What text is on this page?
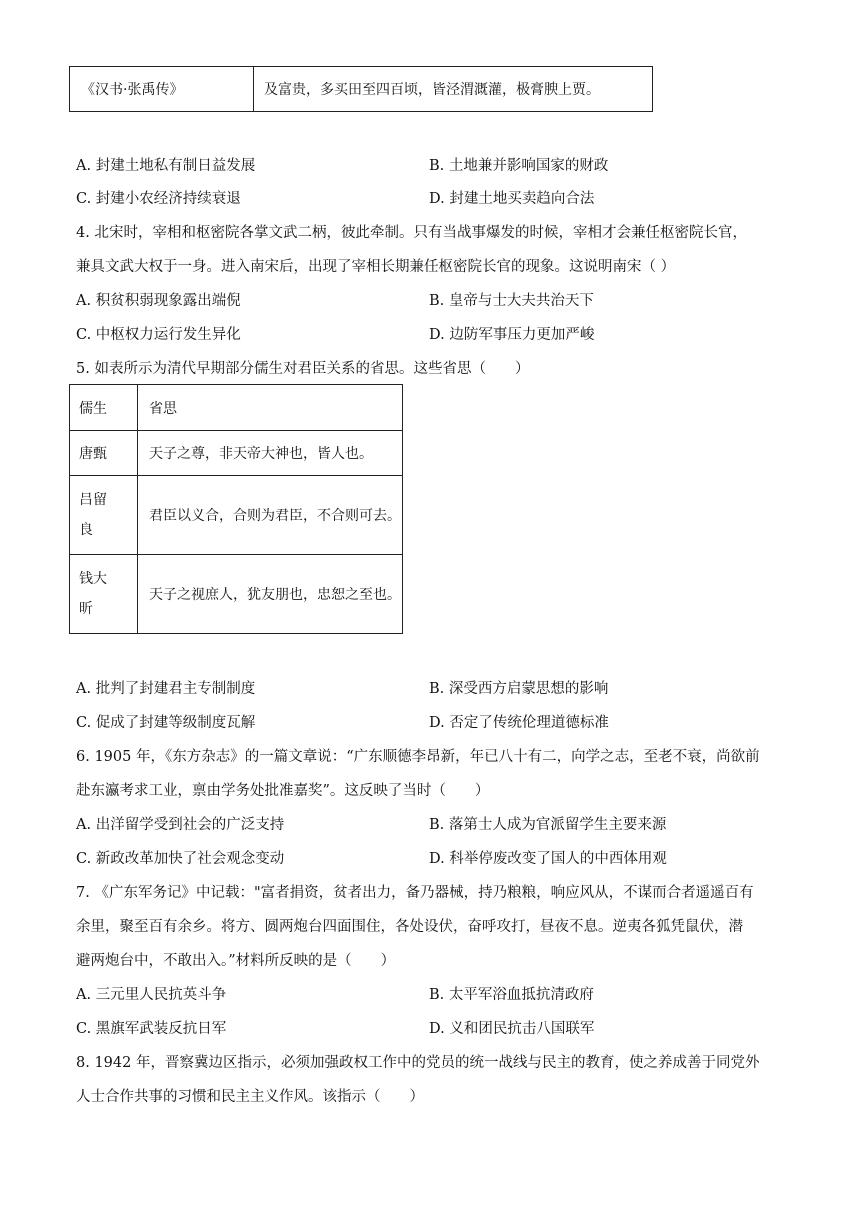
《汉书·张禹传》	及富贵，多买田至四百顷，皆泾渭溉灌，极膏腴上贾。
A. 封建土地私有制日益发展	B. 土地兼并影响国家的财政
C. 封建小农经济持续衰退	D. 封建土地买卖趋向合法
4. 北宋时，宰相和枢密院各掌文武二柄，彼此牵制。只有当战事爆发的时候，宰相才会兼任枢密院长官，
兼具文武大权于一身。进入南宋后，出现了宰相长期兼任枢密院长官的现象。这说明南宋（ ）
A. 积贫积弱现象露出端倪	B. 皇帝与士大夫共治天下
C. 中枢权力运行发生异化	D. 边防军事压力更加严峻
5. 如表所示为清代早期部分儒生对君臣关系的省思。这些省思（　　）
儒生	省思
唐甄	天子之尊，非天帝大神也，皆人也。
吕留
良	君臣以义合，合则为君臣，不合则可去。
钱大
昕	天子之视庶人，犹友朋也，忠恕之至也。
A. 批判了封建君主专制制度	B. 深受西方启蒙思想的影响
C. 促成了封建等级制度瓦解	D. 否定了传统伦理道德标准
6. 1905 年，《东方杂志》的一篇文章说：“广东顺德李昂新，年已八十有二，向学之志，至老不衰，尚欲前
赴东瀛考求工业，禀由学务处批准嘉奖”。这反映了当时（　　）
A. 出洋留学受到社会的广泛支持	B. 落第士人成为官派留学生主要来源
C. 新政改革加快了社会观念变动	D. 科举停废改变了国人的中西体用观
7. 《广东军务记》中记载："富者捐资，贫者出力，备乃器械，持乃粮粮，响应风从，不谋而合者遥遥百有
余里，聚至百有余乡。将方、圆两炮台四面围住，各处设伏，奋呼攻打，昼夜不息。逆夷各狐凭鼠伏，潜
避两炮台中，不敢出入。”材料所反映的是（　　）
A. 三元里人民抗英斗争	B. 太平军浴血抵抗清政府
C. 黑旗军武装反抗日军	D. 义和团民抗击八国联军
8. 1942 年，晋察冀边区指示，必须加强政权工作中的党员的统一战线与民主的教育，使之养成善于同党外
人士合作共事的习惯和民主主义作风。该指示（　　）
